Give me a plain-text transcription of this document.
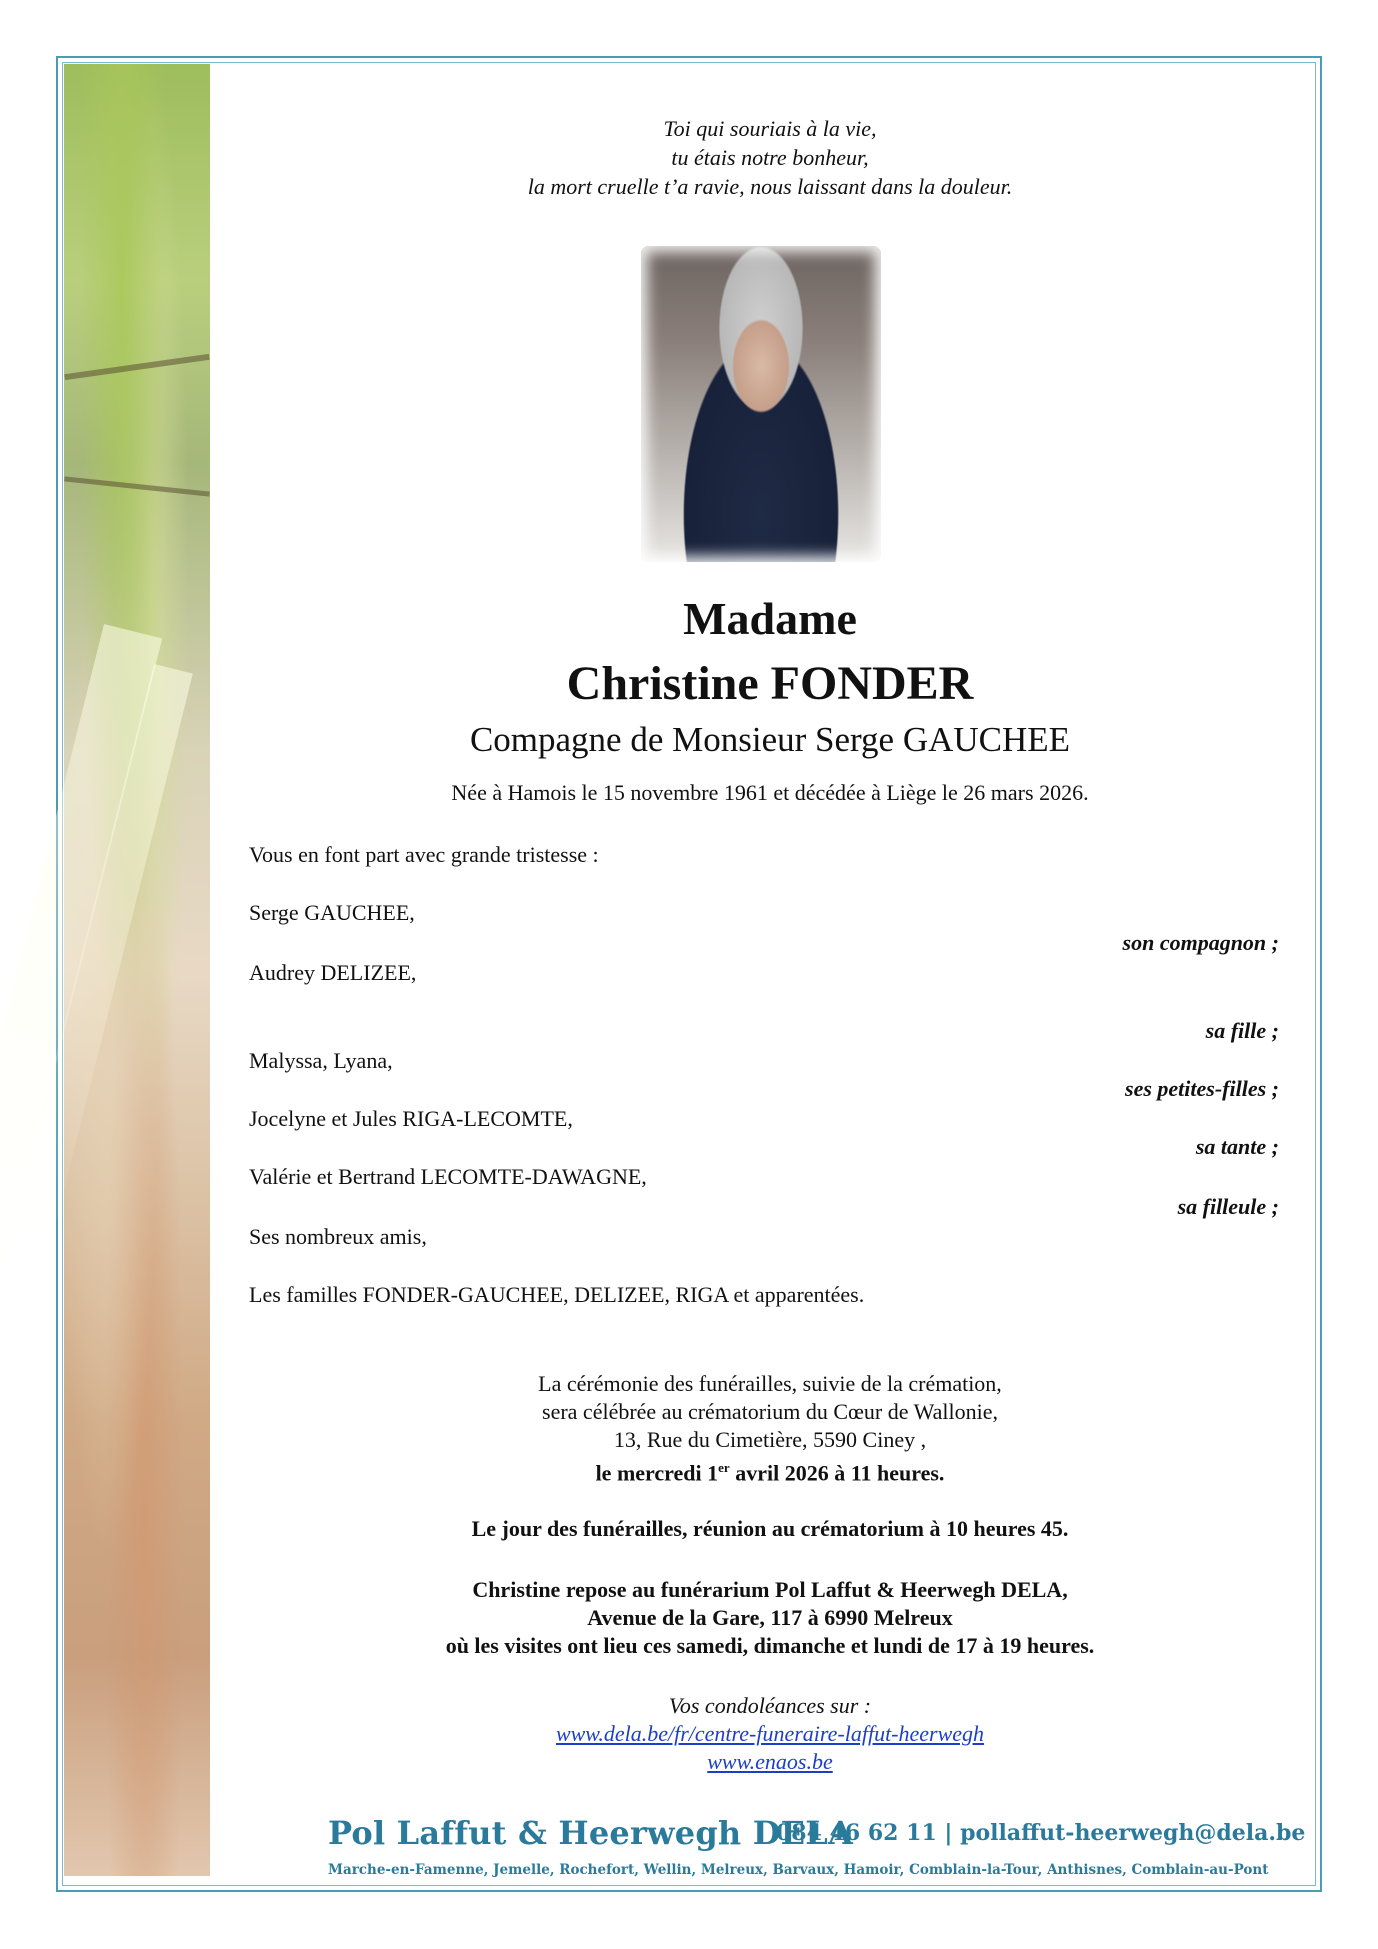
Toi qui souriais à la vie,
tu étais notre bonheur,
la mort cruelle t’a ravie, nous laissant dans la douleur.
Madame
Christine FONDER
Compagne de Monsieur Serge GAUCHEE
Née à Hamois le 15 novembre 1961 et décédée à Liège le 26 mars 2026.
Vous en font part avec grande tristesse :
Serge GAUCHEE,
son compagnon ;
Audrey DELIZEE,
sa fille ;
Malyssa, Lyana,
ses petites-filles ;
Jocelyne et Jules RIGA-LECOMTE,
sa tante ;
Valérie et Bertrand LECOMTE-DAWAGNE,
sa filleule ;
Ses nombreux amis,
Les familles FONDER-GAUCHEE, DELIZEE, RIGA et apparentées.
La cérémonie des funérailles, suivie de la crémation,
sera célébrée au crématorium du Cœur de Wallonie,
13, Rue du Cimetière, 5590 Ciney ,
le mercredi 1er avril 2026 à 11 heures.
Le jour des funérailles, réunion au crématorium à 10 heures 45.
Christine repose au funérarium Pol Laffut & Heerwegh DELA,
Avenue de la Gare, 117 à 6990 Melreux
où les visites ont lieu ces samedi, dimanche et lundi de 17 à 19 heures.
Vos condoléances sur :
www.dela.be/fr/centre-funeraire-laffut-heerwegh
www.enaos.be
Pol Laffut & Heerwegh DELA
084 46 62 11 | pollaffut-heerwegh@dela.be
Marche-en-Famenne, Jemelle, Rochefort, Wellin, Melreux, Barvaux, Hamoir, Comblain-la-Tour, Anthisnes, Comblain-au-Pont
